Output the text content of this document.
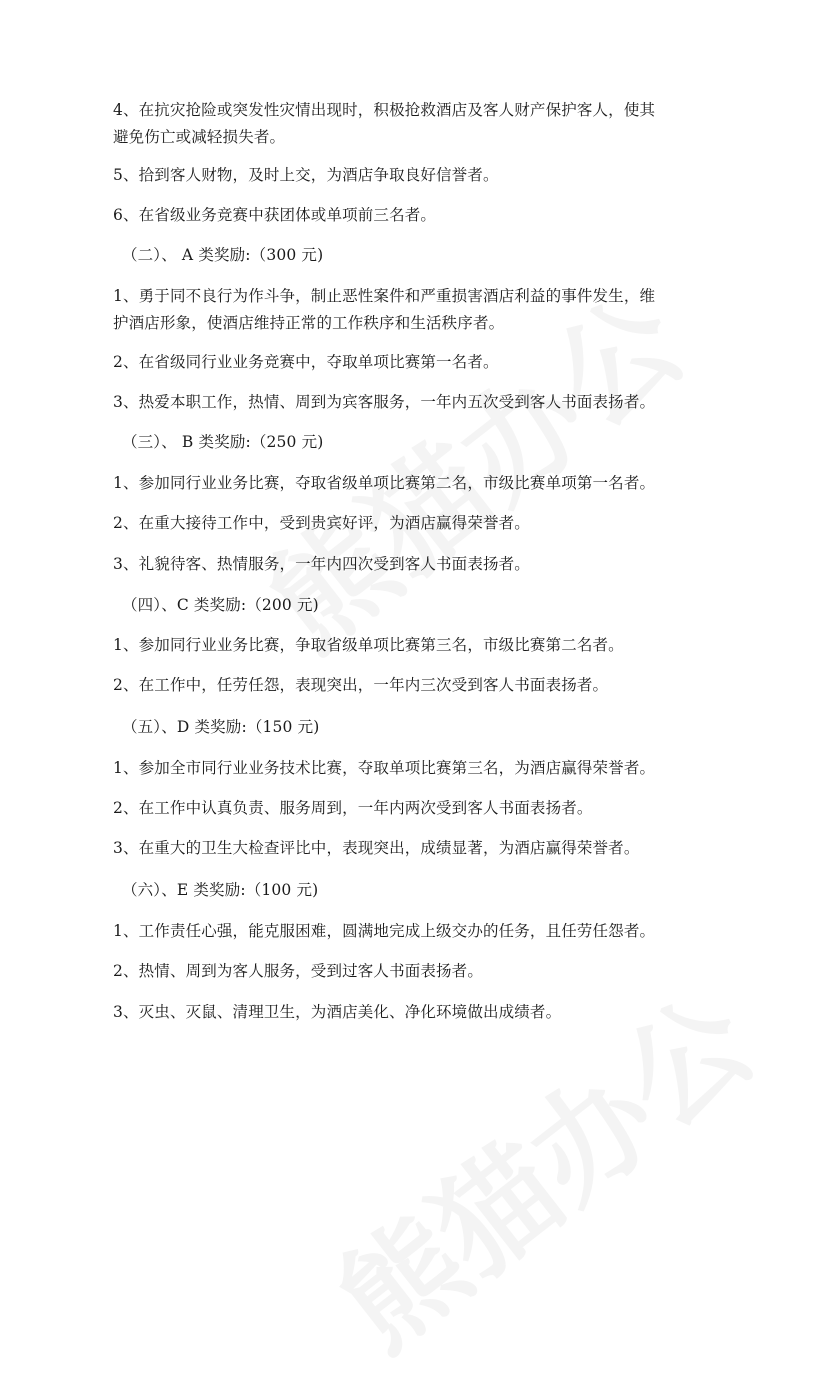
4、在抗灾抢险或突发性灾情出现时，积极抢救酒店及客人财产保护客人，使其
避免伤亡或减轻损失者。
5、拾到客人财物，及时上交，为酒店争取良好信誉者。
6、在省级业务竞赛中获团体或单项前三名者。
（二）、 A 类奖励:（300 元)
1、勇于同不良行为作斗争，制止恶性案件和严重损害酒店利益的事件发生，维
护酒店形象，使酒店维持正常的工作秩序和生活秩序者。
2、在省级同行业业务竞赛中，夺取单项比赛第一名者。
3、热爱本职工作，热情、周到为宾客服务，一年内五次受到客人书面表扬者。
（三）、 B 类奖励:（250 元)
1、参加同行业业务比赛，夺取省级单项比赛第二名，市级比赛单项第一名者。
2、在重大接待工作中，受到贵宾好评，为酒店赢得荣誉者。
3、礼貌待客、热情服务，一年内四次受到客人书面表扬者。
（四）、C 类奖励:（200 元)
1、参加同行业业务比赛，争取省级单项比赛第三名，市级比赛第二名者。
2、在工作中，任劳任怨，表现突出，一年内三次受到客人书面表扬者。
（五）、D 类奖励:（150 元)
1、参加全市同行业业务技术比赛，夺取单项比赛第三名，为酒店赢得荣誉者。
2、在工作中认真负责、服务周到，一年内两次受到客人书面表扬者。
3、在重大的卫生大检查评比中，表现突出，成绩显著，为酒店赢得荣誉者。
（六）、E 类奖励:（100 元)
1、工作责任心强，能克服困难，圆满地完成上级交办的任务，且任劳任怨者。
2、热情、周到为客人服务，受到过客人书面表扬者。
3、灭虫、灭鼠、清理卫生，为酒店美化、净化环境做出成绩者。
